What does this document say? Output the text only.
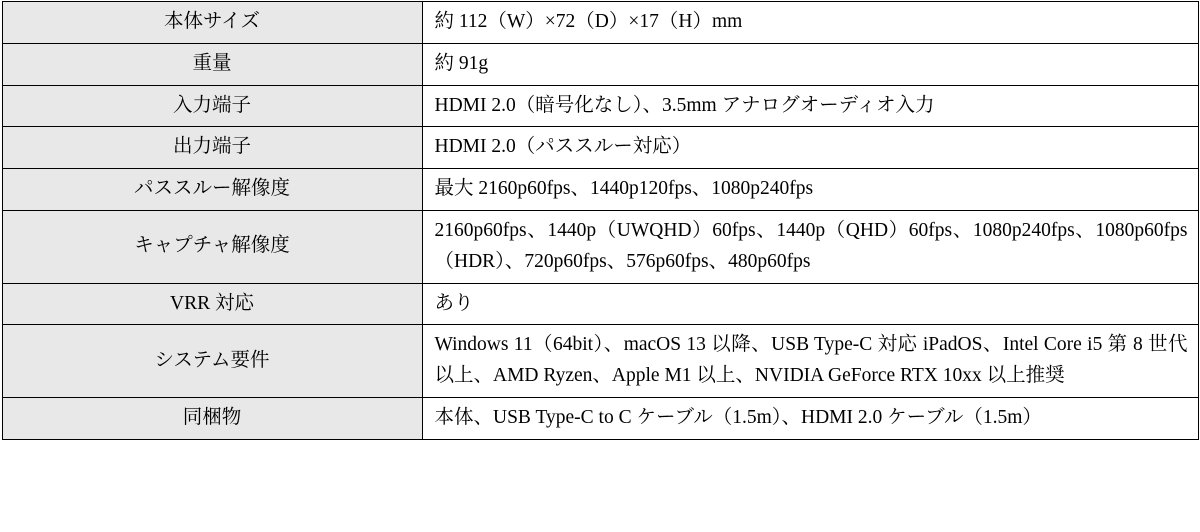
本体サイズ	約 112（W）×72（D）×17（H）mm

重量	約 91g

入力端子	HDMI 2.0（暗号化なし）、3.5mm アナログオーディオ入力

出力端子	HDMI 2.0（パススルー対応）

パススルー解像度	最大 2160p60fps、1440p120fps、1080p240fps

キャプチャ解像度	2160p60fps、1440p（UWQHD）60fps、1440p（QHD）60fps、1080p240fps、1080p60fps（HDR）、720p60fps、576p60fps、480p60fps

VRR 対応	あり

システム要件	Windows 11（64bit）、macOS 13 以降、USB Type-C 対応 iPadOS、Intel Core i5 第 8 世代以上、AMD Ryzen、Apple M1 以上、NVIDIA GeForce RTX 10xx 以上推奨

同梱物	本体、USB Type-C to C ケーブル（1.5m）、HDMI 2.0 ケーブル（1.5m）
